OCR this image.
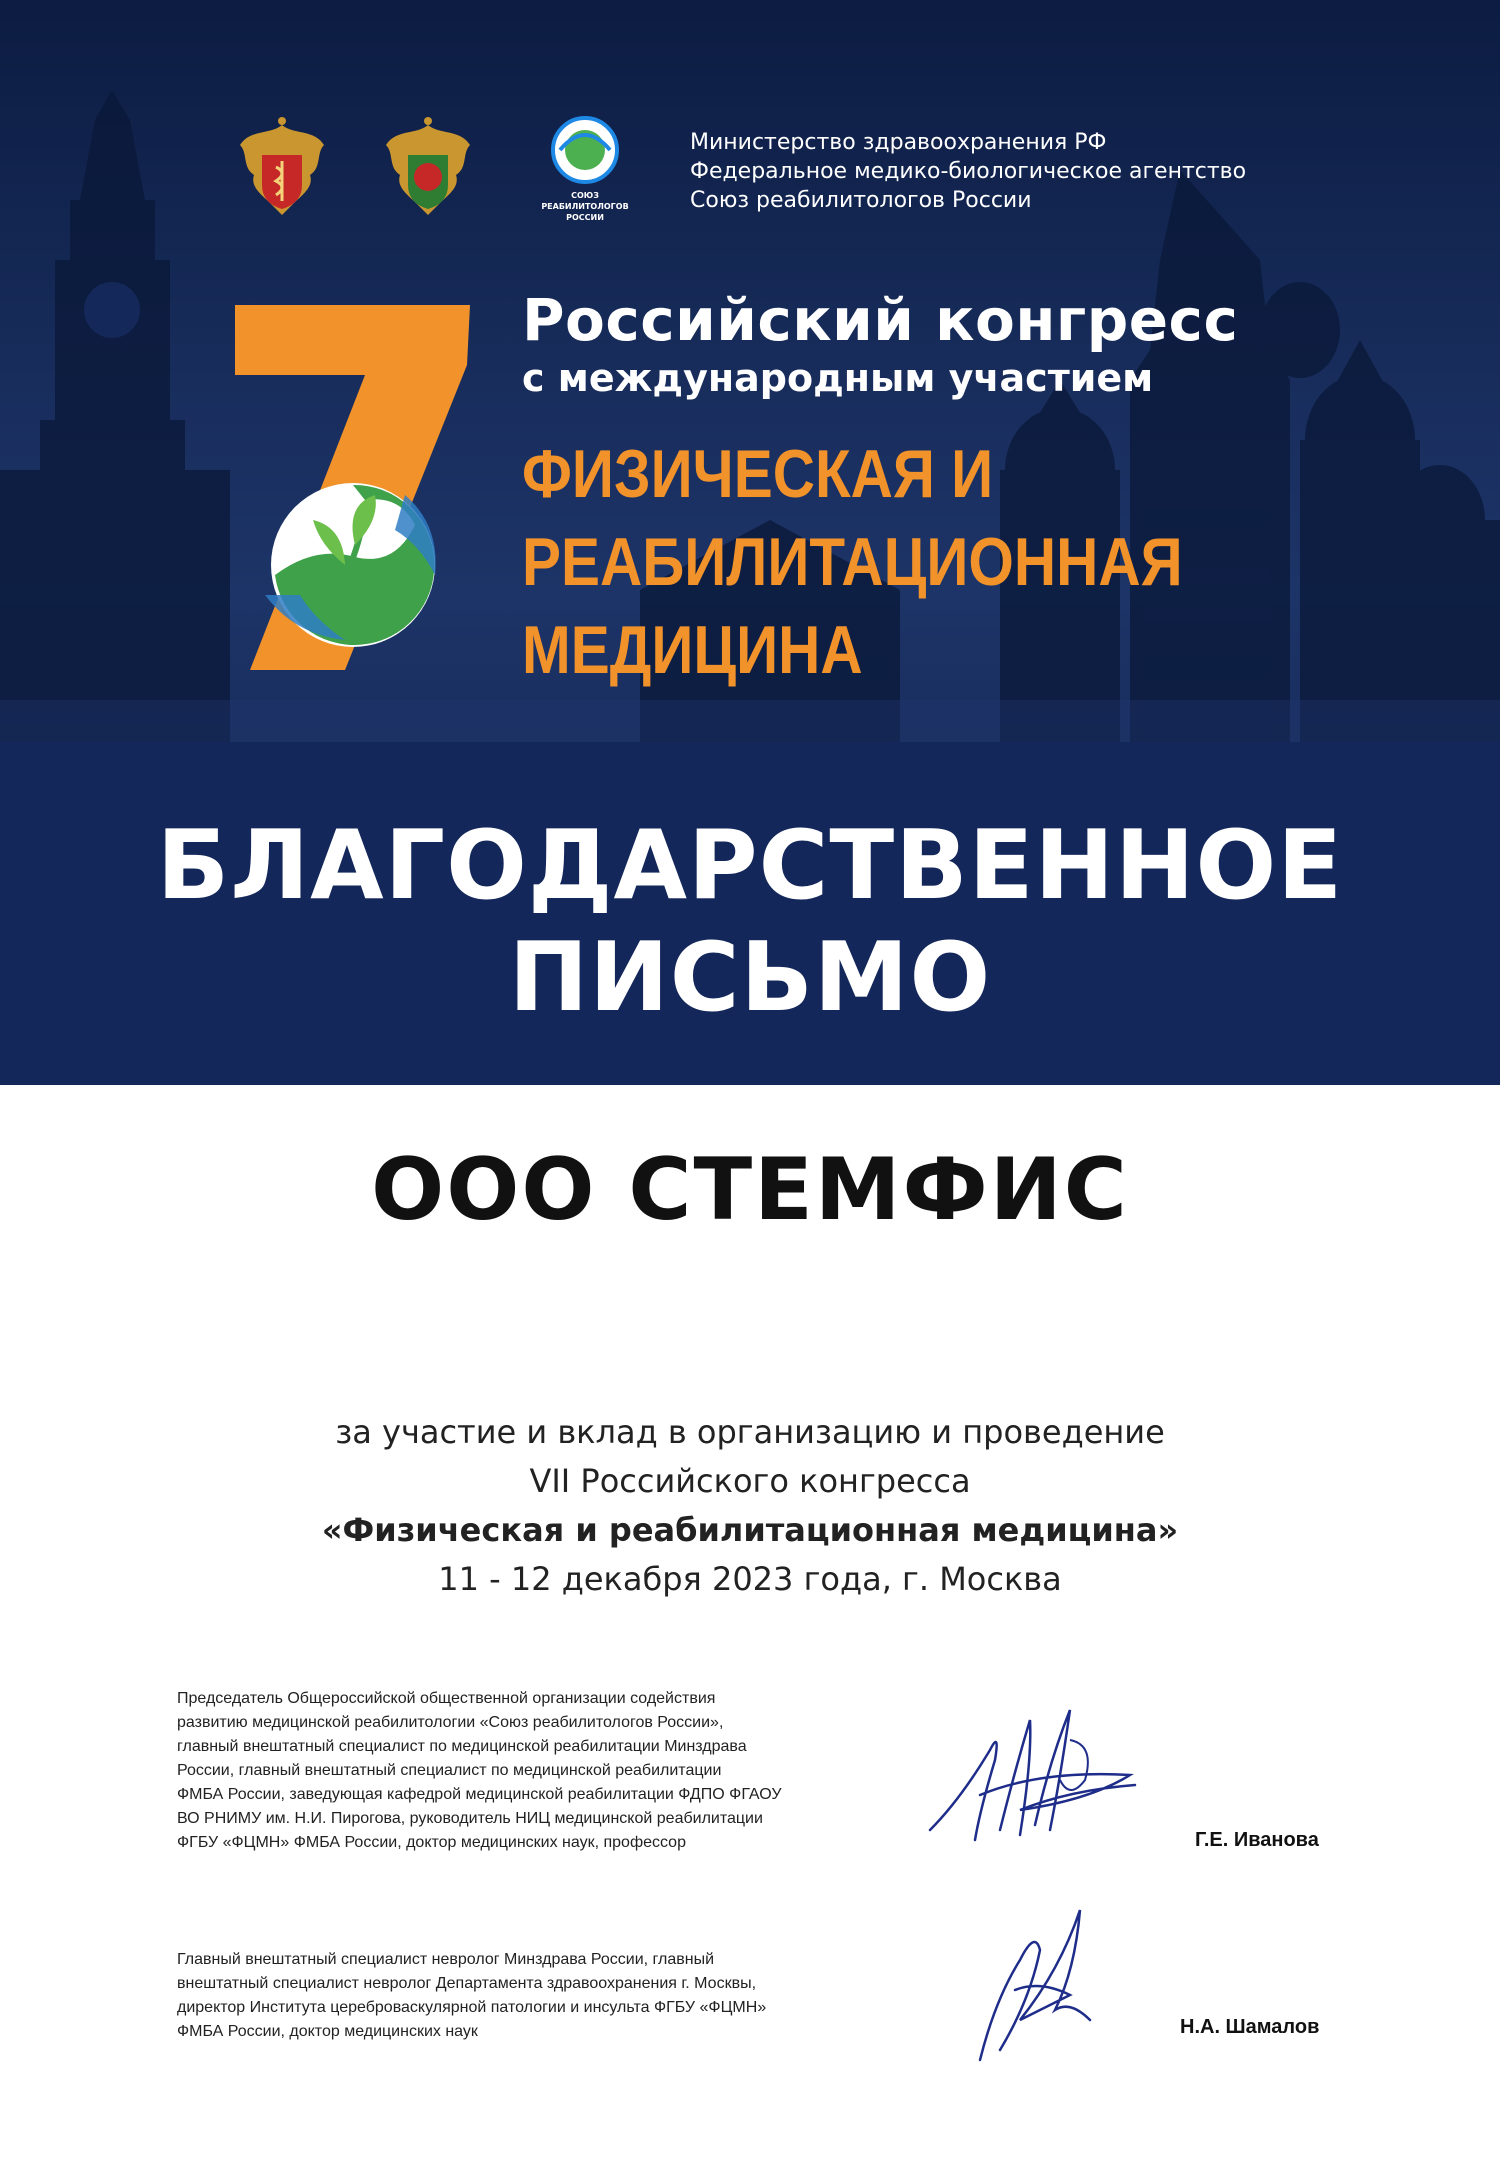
СОЮЗ
РЕАБИЛИТОЛОГОВ
РОССИИ
Министерство здравоохранения РФ
Федеральное медико-биологическое агентство
Союз реабилитологов России
Российский конгресс
с международным участием
ФИЗИЧЕСКАЯ И
РЕАБИЛИТАЦИОННАЯ
МЕДИЦИНА
БЛАГОДАРСТВЕННОЕ
ПИСЬМО
ООО СТЕМФИС
за участие и вклад в организацию и проведение
VII Российского конгресса
«Физическая и реабилитационная медицина»
11 - 12 декабря 2023 года, г. Москва
Председатель Общероссийской общественной организации содействия
развитию медицинской реабилитологии «Союз реабилитологов России»,
главный внештатный специалист по медицинской реабилитации Минздрава
России, главный внештатный специалист по медицинской реабилитации
ФМБА России, заведующая кафедрой медицинской реабилитации ФДПО ФГАОУ
ВО РНИМУ им. Н.И. Пирогова, руководитель НИЦ медицинской реабилитации
ФГБУ «ФЦМН» ФМБА России, доктор медицинских наук, профессор	Г.Е. Иванова
Главный внештатный специалист невролог Минздрава России, главный
внештатный специалист невролог Департамента здравоохранения г. Москвы,
директор Института цереброваскулярной патологии и инсульта ФГБУ «ФЦМН»
ФМБА России, доктор медицинских наук	Н.А. Шамалов
